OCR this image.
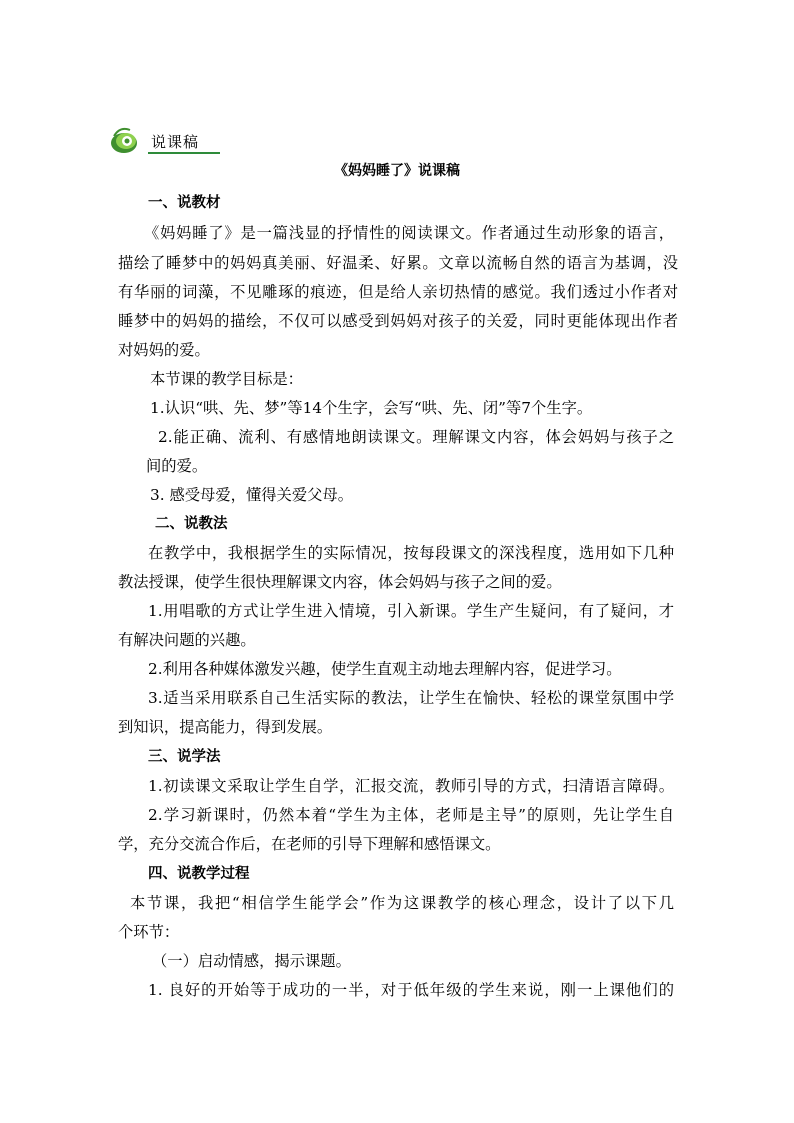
说课稿
《妈妈睡了》说课稿
一、说教材
《妈妈睡了》是一篇浅显的抒情性的阅读课文。作者通过生动形象的语言，
描绘了睡梦中的妈妈真美丽、好温柔、好累。文章以流畅自然的语言为基调，没
有华丽的词藻，不见雕琢的痕迹，但是给人亲切热情的感觉。我们透过小作者对
睡梦中的妈妈的描绘，不仅可以感受到妈妈对孩子的关爱，同时更能体现出作者
对妈妈的爱。
本节课的教学目标是：
1.认识“哄、先、梦”等14个生字，会写“哄、先、闭”等7个生字。
2.能正确、流利、有感情地朗读课文。理解课文内容，体会妈妈与孩子之
间的爱。
3. 感受母爱，懂得关爱父母。
二、说教法
在教学中，我根据学生的实际情况，按每段课文的深浅程度，选用如下几种
教法授课，使学生很快理解课文内容，体会妈妈与孩子之间的爱。
1.用唱歌的方式让学生进入情境，引入新课。学生产生疑问，有了疑问，才
有解决问题的兴趣。
2.利用各种媒体激发兴趣，使学生直观主动地去理解内容，促进学习。
3.适当采用联系自己生活实际的教法，让学生在愉快、轻松的课堂氛围中学
到知识，提高能力，得到发展。
三、说学法
1.初读课文采取让学生自学，汇报交流，教师引导的方式，扫清语言障碍。
2.学习新课时，仍然本着“学生为主体，老师是主导”的原则，先让学生自
学，充分交流合作后，在老师的引导下理解和感悟课文。
四、说教学过程
本节课，我把“相信学生能学会”作为这课教学的核心理念，设计了以下几
个环节：
（一）启动情感，揭示课题。
1. 良好的开始等于成功的一半，对于低年级的学生来说，刚一上课他们的
